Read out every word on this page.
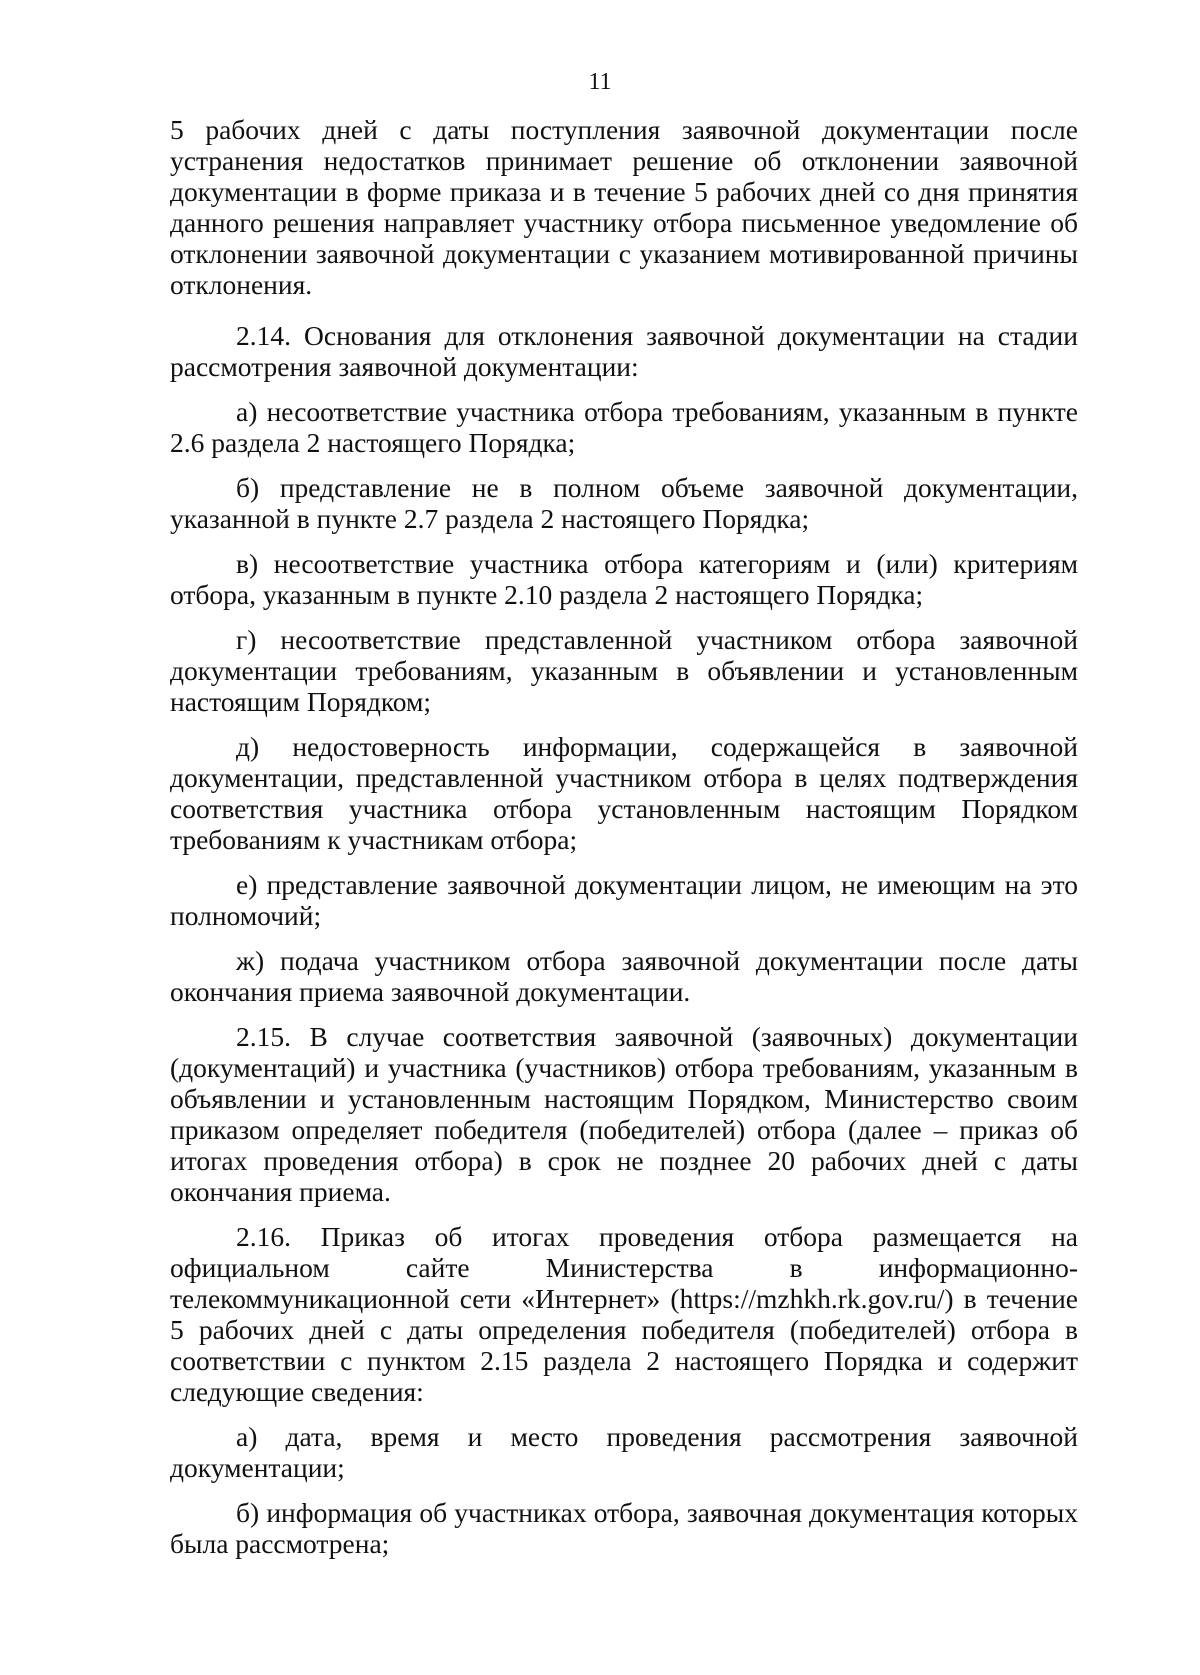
11

5 рабочих дней с даты поступления заявочной документации после устранения недостатков принимает решение об отклонении заявочной документации в форме приказа и в течение 5 рабочих дней со дня принятия данного решения направляет участнику отбора письменное уведомление об отклонении заявочной документации с указанием мотивированной причины отклонения.

2.14. Основания для отклонения заявочной документации на стадии рассмотрения заявочной документации:

а) несоответствие участника отбора требованиям, указанным в пункте 2.6 раздела 2 настоящего Порядка;

б) представление не в полном объеме заявочной документации, указанной в пункте 2.7 раздела 2 настоящего Порядка;

в) несоответствие участника отбора категориям и (или) критериям отбора, указанным в пункте 2.10 раздела 2 настоящего Порядка;

г) несоответствие представленной участником отбора заявочной документации требованиям, указанным в объявлении и установленным настоящим Порядком;

д) недостоверность информации, содержащейся в заявочной документации, представленной участником отбора в целях подтверждения соответствия участника отбора установленным настоящим Порядком требованиям к участникам отбора;

е) представление заявочной документации лицом, не имеющим на это полномочий;

ж) подача участником отбора заявочной документации после даты окончания приема заявочной документации.

2.15. В случае соответствия заявочной (заявочных) документации (документаций) и участника (участников) отбора требованиям, указанным в объявлении и установленным настоящим Порядком, Министерство своим приказом определяет победителя (победителей) отбора (далее – приказ об итогах проведения отбора) в срок не позднее 20 рабочих дней с даты окончания приема.

2.16. Приказ об итогах проведения отбора размещается на официальном сайте Министерства в информационно-телекоммуникационной сети «Интернет» (https://mzhkh.rk.gov.ru/) в течение 5 рабочих дней с даты определения победителя (победителей) отбора в соответствии с пунктом 2.15 раздела 2 настоящего Порядка и содержит следующие сведения:

а) дата, время и место проведения рассмотрения заявочной документации;

б) информация об участниках отбора, заявочная документация которых была рассмотрена;
